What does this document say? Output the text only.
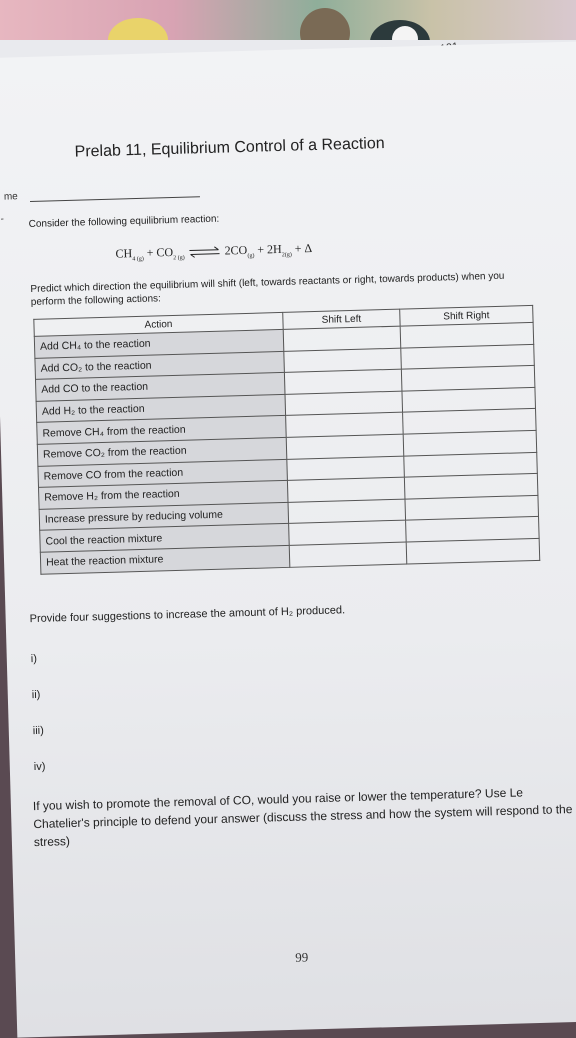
Prelab 11, Equilibrium Control of a Reaction
me
- Consider the following equilibrium reaction:
$CH_{4 (g)} + CO_{2 (g)}$ ⇌ $2CO_{(g)} + 2H_{2(g)} + \Delta$
Predict which direction the equilibrium will shift (left, towards reactants or right, towards products) when you perform the following actions:
Action	Shift Left	Shift Right
Add CH₄ to the reaction		
Add CO₂ to the reaction		
Add CO to the reaction		
Add H₂ to the reaction		
Remove CH₄ from the reaction		
Remove CO₂ from the reaction		
Remove CO from the reaction		
Remove H₂ from the reaction		
Increase pressure by reducing volume		
Cool the reaction mixture		
Heat the reaction mixture		
Provide four suggestions to increase the amount of H₂ produced.
i)
ii)
iii)
iv)
If you wish to promote the removal of CO, would you raise or lower the temperature? Use Le Chatelier's principle to defend your answer (discuss the stress and how the system will respond to the stress)
99
